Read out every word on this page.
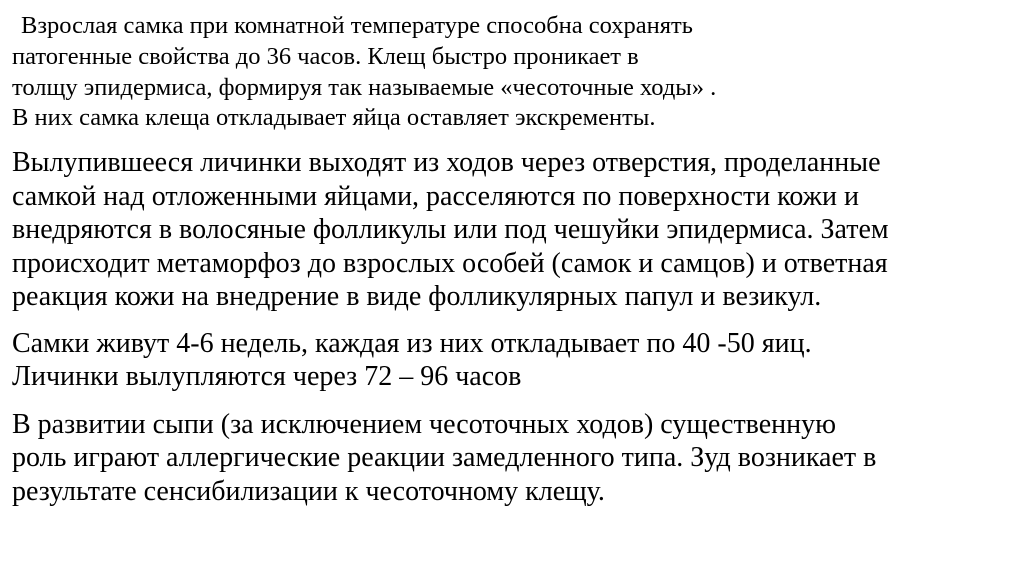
Взрослая самка при комнатной температуре способна сохранять
патогенные свойства до 36 часов. Клещ быстро проникает в
толщу эпидермиса, формируя так называемые «чесоточные ходы» .
В них самка клеща откладывает яйца оставляет экскременты.

Вылупившееся личинки выходят из ходов через отверстия, проделанные
самкой над отложенными яйцами, расселяются по поверхности кожи и
внедряются в волосяные фолликулы или под чешуйки эпидермиса. Затем
происходит метаморфоз до взрослых особей (самок и самцов) и ответная
реакция кожи на внедрение в виде фолликулярных папул и везикул.

Самки живут 4-6 недель, каждая из них откладывает по 40 -50 яиц.
Личинки вылупляются через 72 – 96 часов

В развитии сыпи (за исключением чесоточных ходов) существенную
роль играют аллергические реакции замедленного типа. Зуд возникает в
результате сенсибилизации к чесоточному клещу.
